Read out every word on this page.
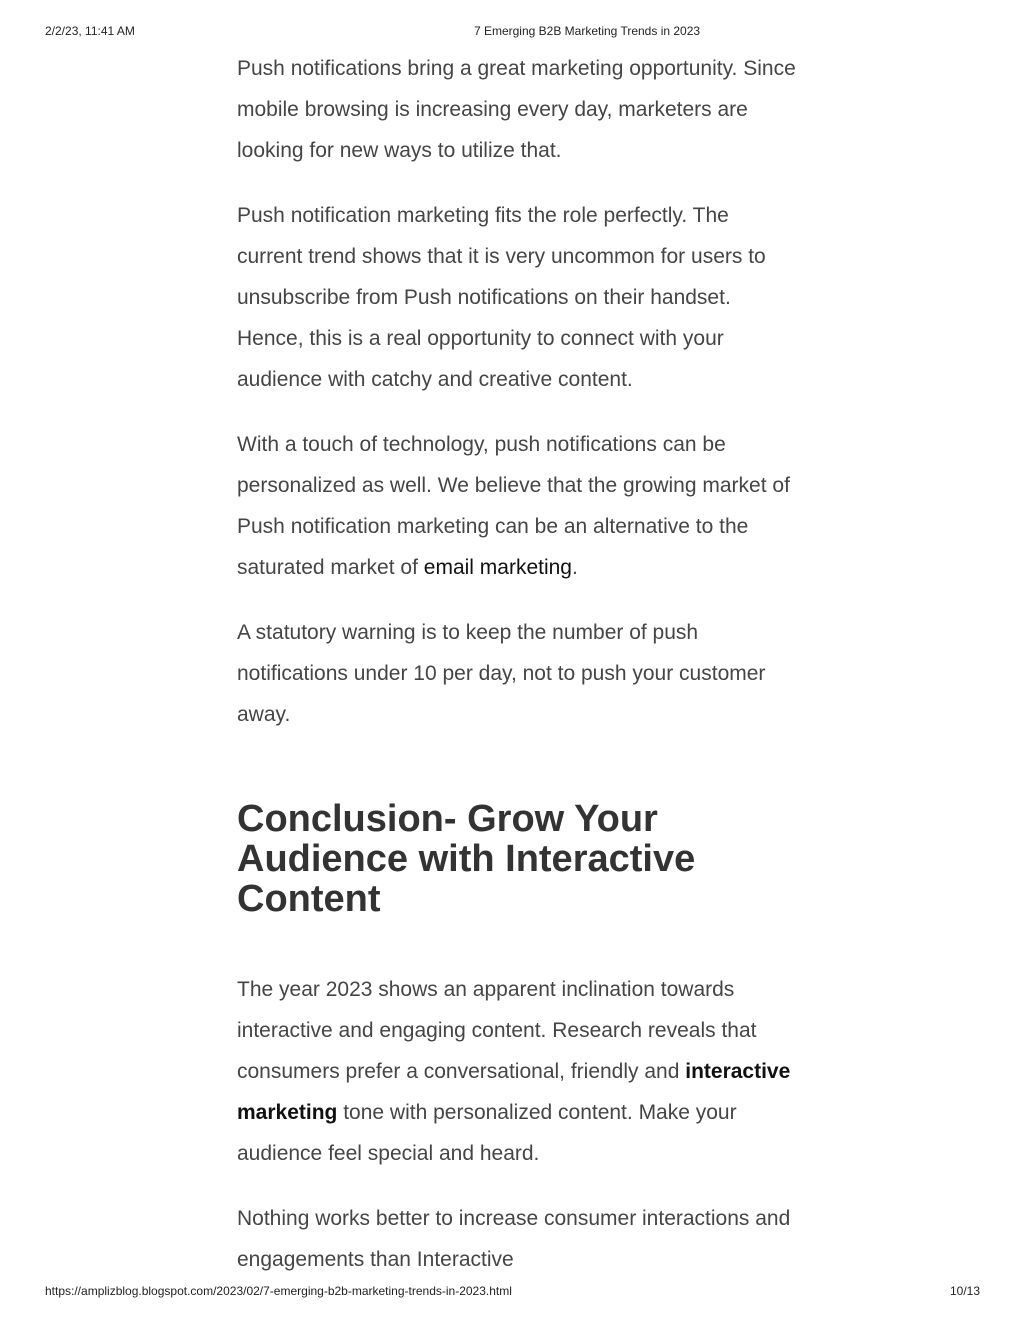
2/2/23, 11:41 AM	7 Emerging B2B Marketing Trends in 2023

Push notifications bring a great marketing opportunity. Since mobile browsing is increasing every day, marketers are looking for new ways to utilize that.

Push notification marketing fits the role perfectly. The current trend shows that it is very uncommon for users to unsubscribe from Push notifications on their handset. Hence, this is a real opportunity to connect with your audience with catchy and creative content.

With a touch of technology, push notifications can be personalized as well. We believe that the growing market of Push notification marketing can be an alternative to the saturated market of email marketing.

A statutory warning is to keep the number of push notifications under 10 per day, not to push your customer away.

Conclusion- Grow Your Audience with Interactive Content

The year 2023 shows an apparent inclination towards interactive and engaging content. Research reveals that consumers prefer a conversational, friendly and interactive marketing tone with personalized content. Make your audience feel special and heard.

Nothing works better to increase consumer interactions and engagements than Interactive

https://amplizblog.blogspot.com/2023/02/7-emerging-b2b-marketing-trends-in-2023.html	10/13
